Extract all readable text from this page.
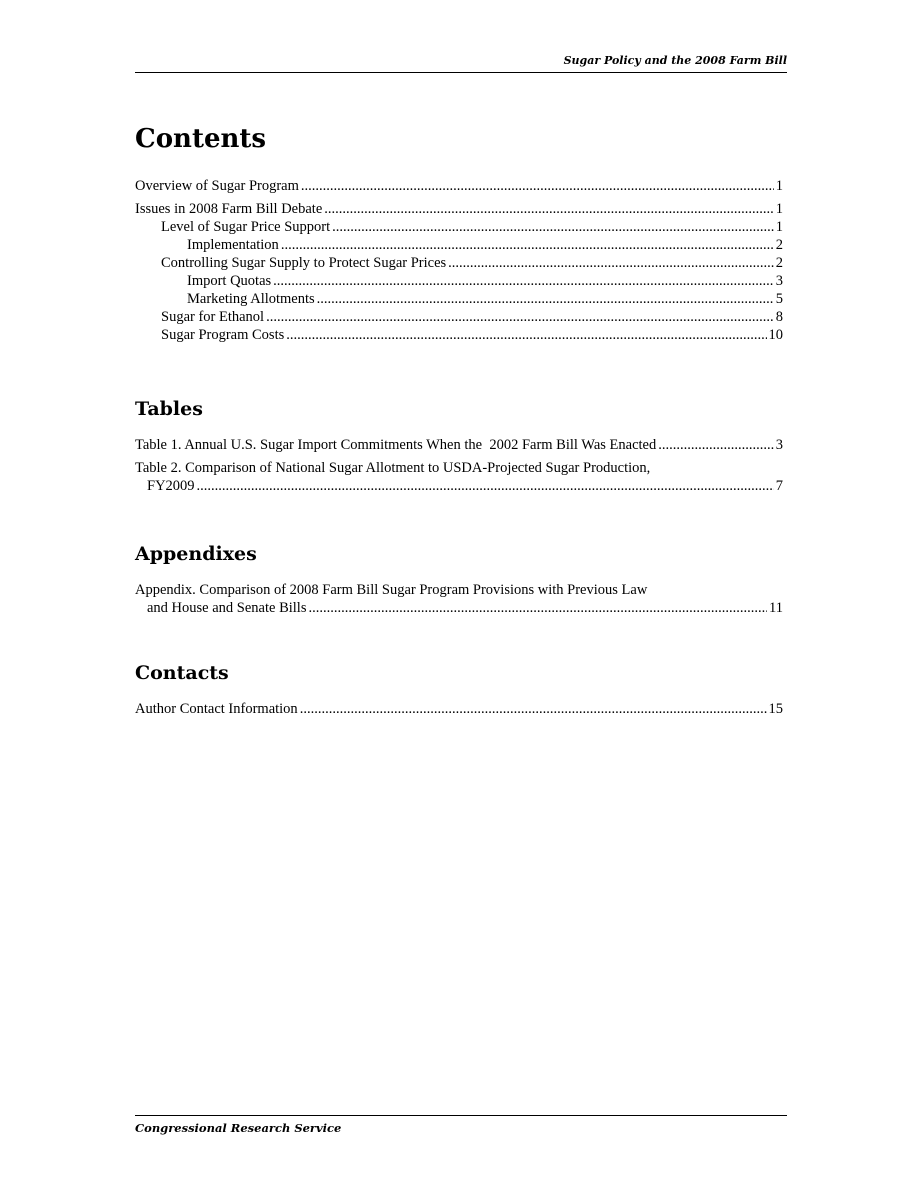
Sugar Policy and the 2008 Farm Bill
Contents
Overview of Sugar Program .....	1
Issues in 2008 Farm Bill Debate .....	1
Level of Sugar Price Support .....	1
Implementation .....	2
Controlling Sugar Supply to Protect Sugar Prices .....	2
Import Quotas .....	3
Marketing Allotments .....	5
Sugar for Ethanol .....	8
Sugar Program Costs .....	10
Tables
Table 1. Annual U.S. Sugar Import Commitments When the  2002 Farm Bill Was Enacted .....	3
Table 2. Comparison of National Sugar Allotment to USDA-Projected Sugar Production,
FY2009 .....	7
Appendixes
Appendix. Comparison of 2008 Farm Bill Sugar Program Provisions with Previous Law
and House and Senate Bills .....	11
Contacts
Author Contact Information .....	15
Congressional Research Service
